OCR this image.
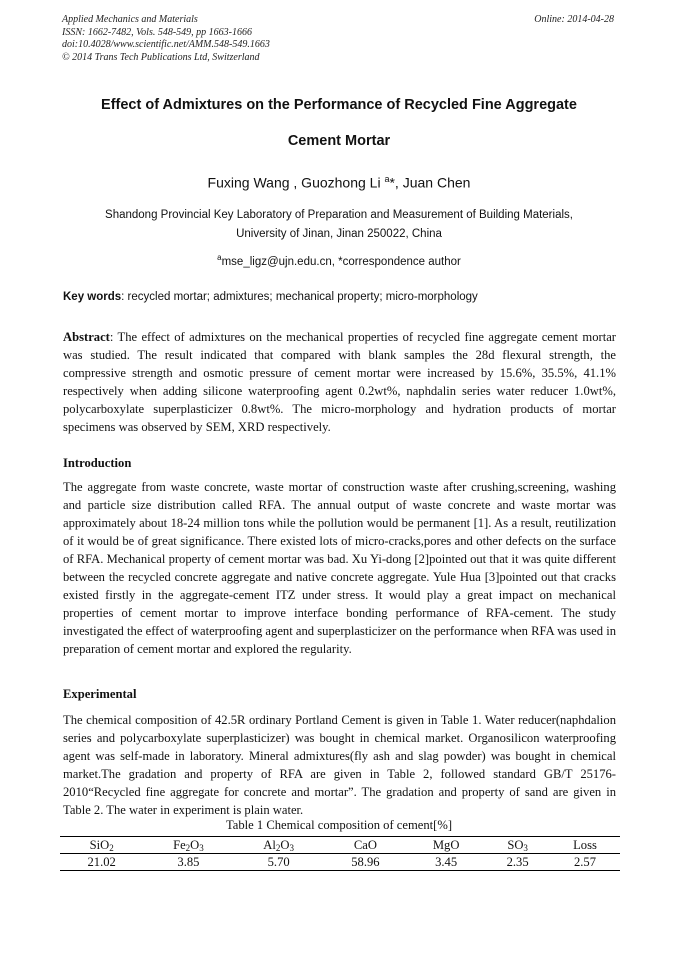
Applied Mechanics and Materials
ISSN: 1662-7482, Vols. 548-549, pp 1663-1666
doi:10.4028/www.scientific.net/AMM.548-549.1663
© 2014 Trans Tech Publications Ltd, Switzerland
Online: 2014-04-28
Effect of Admixtures on the Performance of Recycled Fine Aggregate
Cement Mortar
Fuxing Wang , Guozhong Li $^a$*, Juan Chen
Shandong Provincial Key Laboratory of Preparation and Measurement of Building Materials,
University of Jinan, Jinan 250022, China
$^a$mse_ligz@ujn.edu.cn, *correspondence author
Key words: recycled mortar; admixtures; mechanical property; micro-morphology
Abstract: The effect of admixtures on the mechanical properties of recycled fine aggregate cement mortar was studied. The result indicated that compared with blank samples the 28d flexural strength, the compressive strength and osmotic pressure of cement mortar were increased by 15.6%, 35.5%, 41.1% respectively when adding silicone waterproofing agent 0.2wt%, naphdalin series water reducer 1.0wt%, polycarboxylate superplasticizer 0.8wt%. The micro-morphology and hydration products of mortar specimens was observed by SEM, XRD respectively.
Introduction
The aggregate from waste concrete, waste mortar of construction waste after crushing,screening, washing and particle size distribution called RFA. The annual output of waste concrete and waste mortar was approximately about 18-24 million tons while the pollution would be permanent [1]. As a result, reutilization of it would be of great significance. There existed lots of micro-cracks,pores and other defects on the surface of RFA. Mechanical property of cement mortar was bad. Xu Yi-dong [2]pointed out that it was quite different between the recycled concrete aggregate and native concrete aggregate. Yule Hua [3]pointed out that cracks existed firstly in the aggregate-cement ITZ under stress. It would play a great impact on mechanical properties of cement mortar to improve interface bonding performance of RFA-cement. The study investigated the effect of waterproofing agent and superplasticizer on the performance when RFA was used in preparation of cement mortar and explored the regularity.
Experimental
The chemical composition of 42.5R ordinary Portland Cement is given in Table 1. Water reducer(naphdalion series and polycarboxylate superplasticizer) was bought in chemical market. Organosilicon waterproofing agent was self-made in laboratory. Mineral admixtures(fly ash and slag powder) was bought in chemical market.The gradation and property of RFA are given in Table 2, followed standard GB/T 25176-2010“Recycled fine aggregate for concrete and mortar”. The gradation and property of sand are given in Table 2. The water in experiment is plain water.
Table 1 Chemical composition of cement[%]
SiO$_2$	$Fe_2O_3$	$Al_2O_3$	CaO	MgO	$SO_3$	Loss
21.02	3.85	5.70	58.96	3.45	2.35	2.57
